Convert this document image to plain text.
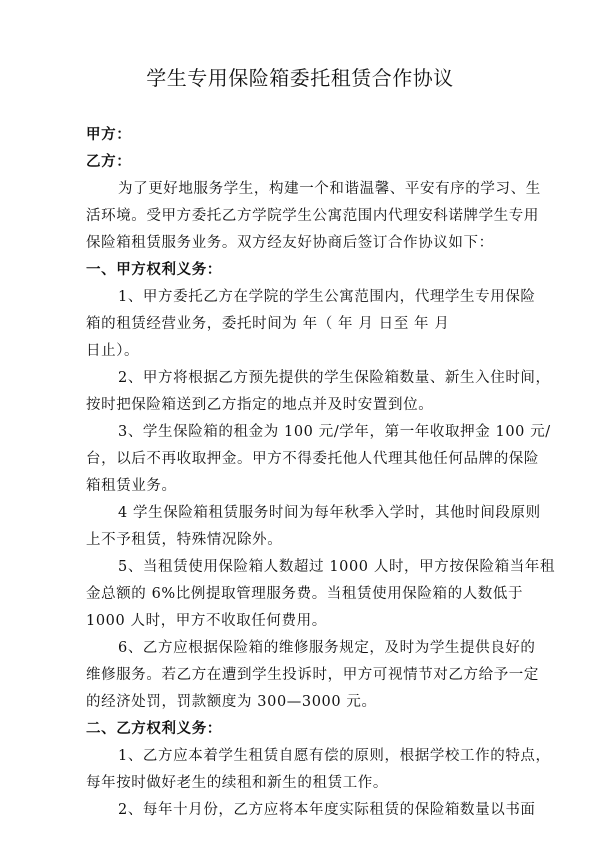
学生专用保险箱委托租赁合作协议
甲方：
乙方：
为了更好地服务学生，构建一个和谐温馨、平安有序的学习、生
活环境。受甲方委托乙方学院学生公寓范围内代理安科诺牌学生专用
保险箱租赁服务业务。双方经友好协商后签订合作协议如下：
一、甲方权利义务：
1、甲方委托乙方在学院的学生公寓范围内，代理学生专用保险
箱的租赁经营业务，委托时间为 年（ 年 月 日至 年 月
日止）。
2、甲方将根据乙方预先提供的学生保险箱数量、新生入住时间，
按时把保险箱送到乙方指定的地点并及时安置到位。
3、学生保险箱的租金为 100 元/学年，第一年收取押金 100 元/
台，以后不再收取押金。甲方不得委托他人代理其他任何品牌的保险
箱租赁业务。
4 学生保险箱租赁服务时间为每年秋季入学时，其他时间段原则
上不予租赁，特殊情况除外。
5、当租赁使用保险箱人数超过 1000 人时，甲方按保险箱当年租
金总额的 6%比例提取管理服务费。当租赁使用保险箱的人数低于
1000 人时，甲方不收取任何费用。
6、乙方应根据保险箱的维修服务规定，及时为学生提供良好的
维修服务。若乙方在遭到学生投诉时，甲方可视情节对乙方给予一定
的经济处罚，罚款额度为 300—3000 元。
二、乙方权利义务：
1、乙方应本着学生租赁自愿有偿的原则，根据学校工作的特点，
每年按时做好老生的续租和新生的租赁工作。
2、每年十月份，乙方应将本年度实际租赁的保险箱数量以书面
